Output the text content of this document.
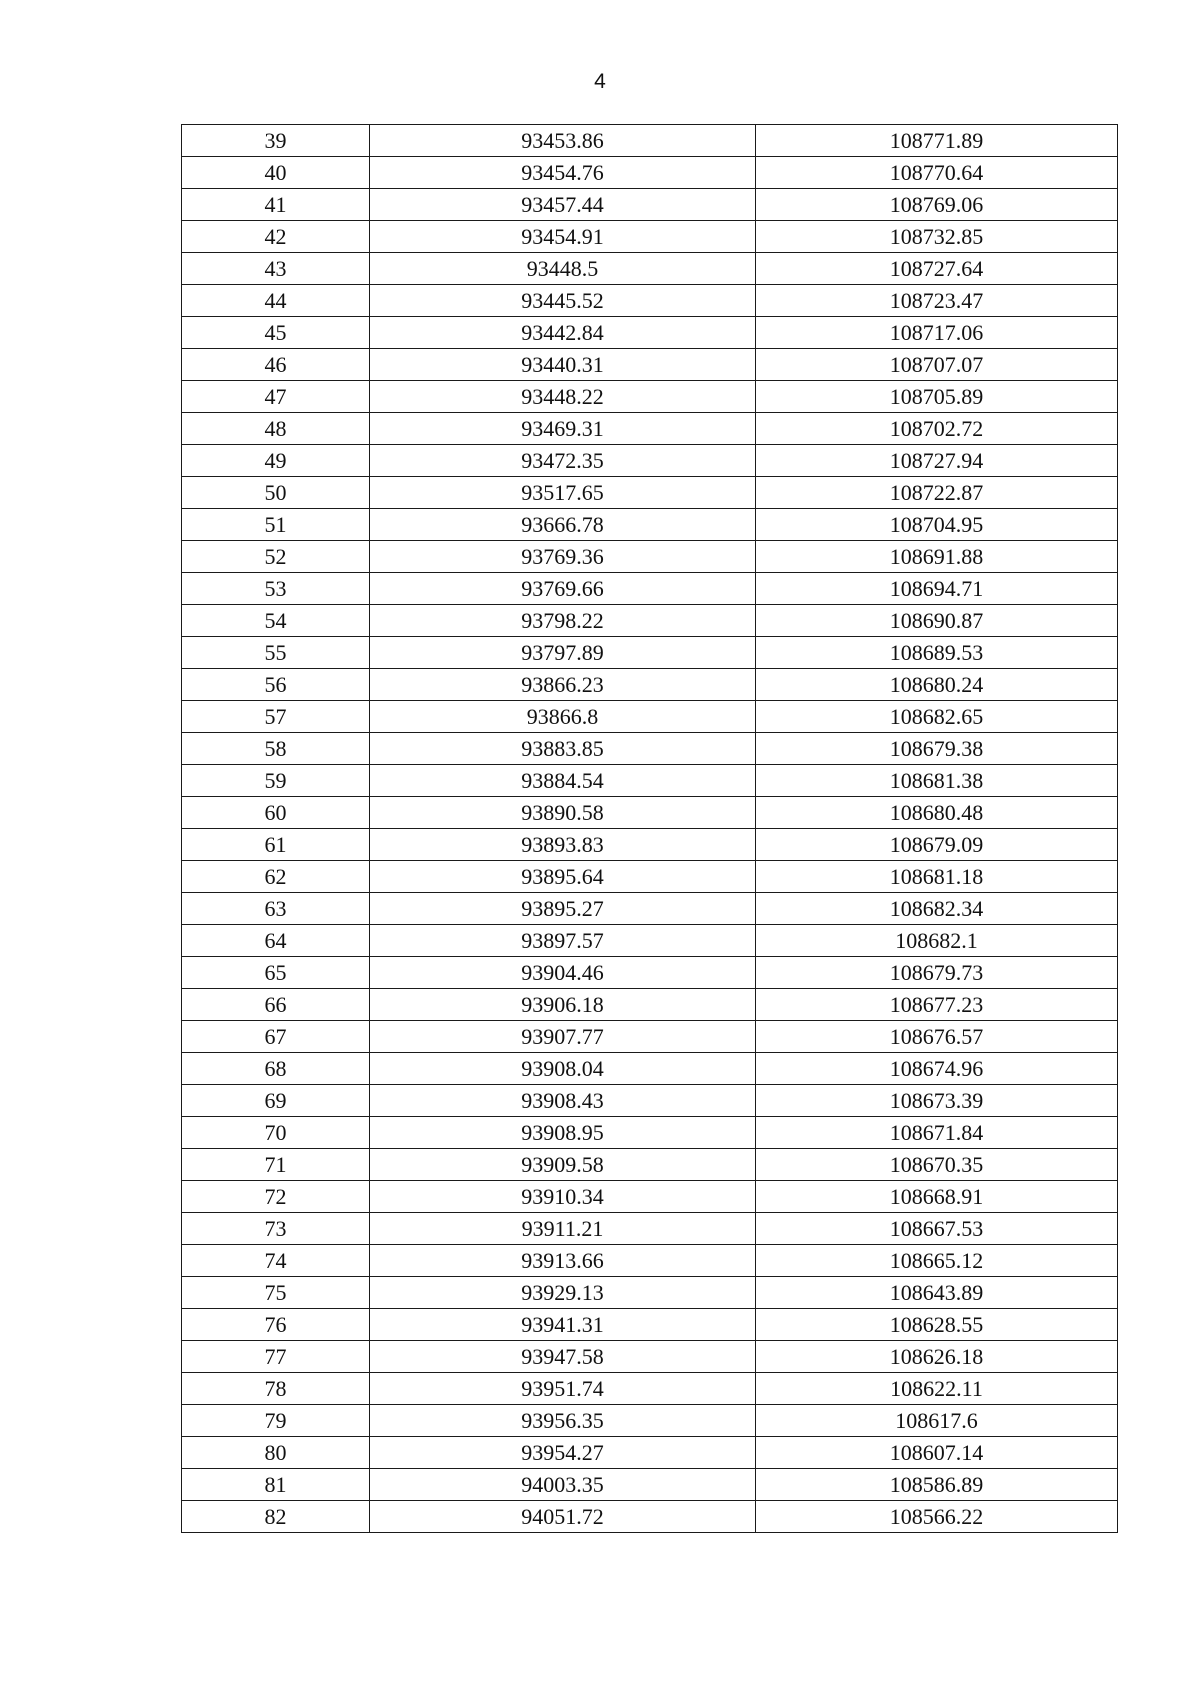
4
39	93453.86	108771.89
40	93454.76	108770.64
41	93457.44	108769.06
42	93454.91	108732.85
43	93448.5	108727.64
44	93445.52	108723.47
45	93442.84	108717.06
46	93440.31	108707.07
47	93448.22	108705.89
48	93469.31	108702.72
49	93472.35	108727.94
50	93517.65	108722.87
51	93666.78	108704.95
52	93769.36	108691.88
53	93769.66	108694.71
54	93798.22	108690.87
55	93797.89	108689.53
56	93866.23	108680.24
57	93866.8	108682.65
58	93883.85	108679.38
59	93884.54	108681.38
60	93890.58	108680.48
61	93893.83	108679.09
62	93895.64	108681.18
63	93895.27	108682.34
64	93897.57	108682.1
65	93904.46	108679.73
66	93906.18	108677.23
67	93907.77	108676.57
68	93908.04	108674.96
69	93908.43	108673.39
70	93908.95	108671.84
71	93909.58	108670.35
72	93910.34	108668.91
73	93911.21	108667.53
74	93913.66	108665.12
75	93929.13	108643.89
76	93941.31	108628.55
77	93947.58	108626.18
78	93951.74	108622.11
79	93956.35	108617.6
80	93954.27	108607.14
81	94003.35	108586.89
82	94051.72	108566.22
